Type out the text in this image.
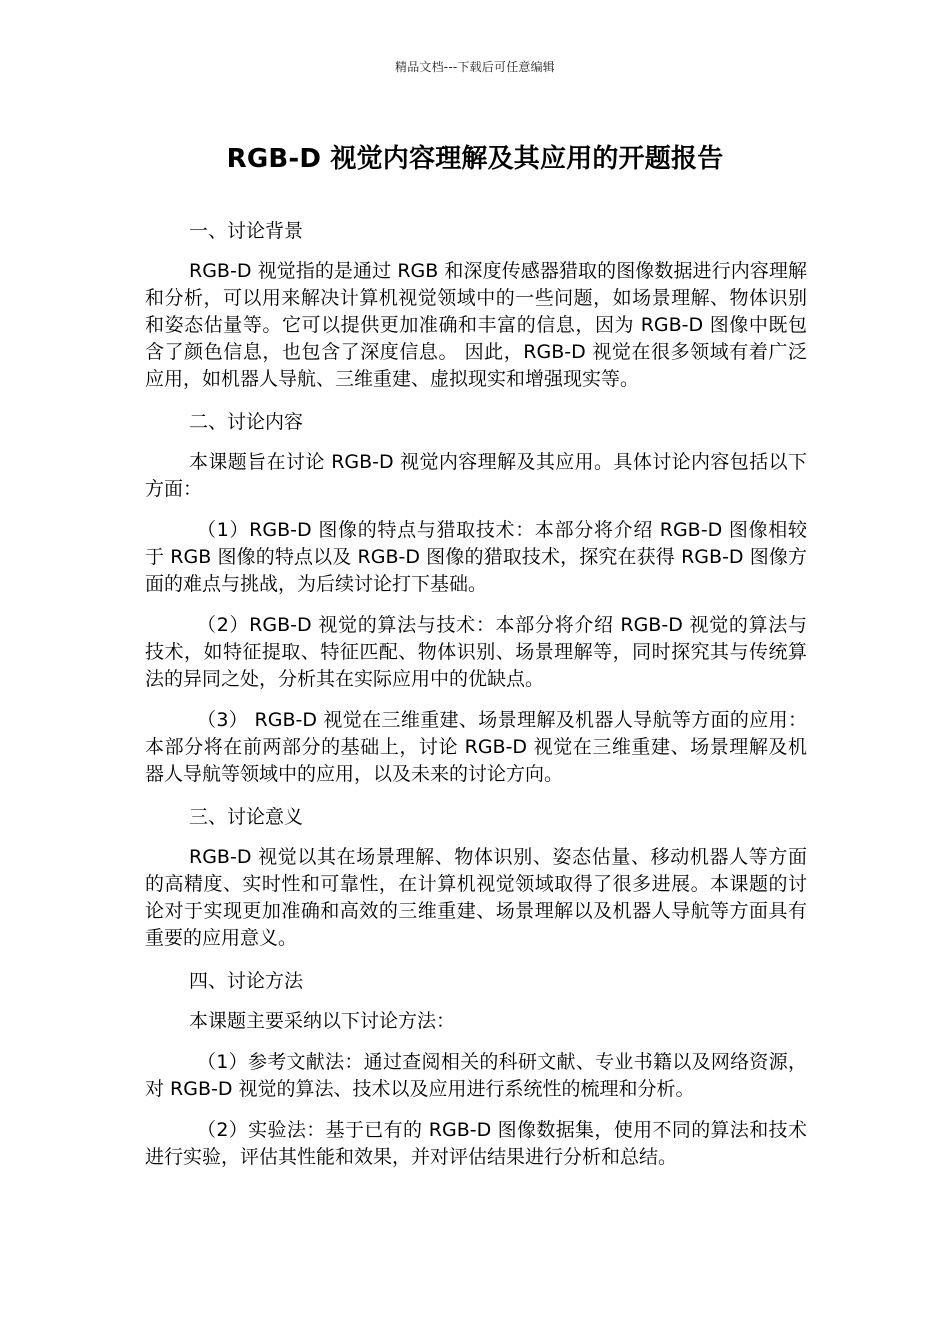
精品文档---下载后可任意编辑
RGB-D 视觉内容理解及其应用的开题报告
一、讨论背景

RGB-D 视觉指的是通过 RGB 和深度传感器猎取的图像数据进行内容理解和分析，可以用来解决计算机视觉领域中的一些问题，如场景理解、物体识别和姿态估量等。它可以提供更加准确和丰富的信息，因为 RGB-D 图像中既包含了颜色信息，也包含了深度信息。 因此，RGB-D 视觉在很多领域有着广泛应用，如机器人导航、三维重建、虚拟现实和增强现实等。

二、讨论内容

本课题旨在讨论 RGB-D 视觉内容理解及其应用。具体讨论内容包括以下方面：

（1）RGB-D 图像的特点与猎取技术：本部分将介绍 RGB-D 图像相较于 RGB 图像的特点以及 RGB-D 图像的猎取技术，探究在获得 RGB-D 图像方面的难点与挑战，为后续讨论打下基础。

（2）RGB-D 视觉的算法与技术：本部分将介绍 RGB-D 视觉的算法与技术，如特征提取、特征匹配、物体识别、场景理解等，同时探究其与传统算法的异同之处，分析其在实际应用中的优缺点。

（3） RGB-D 视觉在三维重建、场景理解及机器人导航等方面的应用：本部分将在前两部分的基础上，讨论 RGB-D 视觉在三维重建、场景理解及机器人导航等领域中的应用，以及未来的讨论方向。

三、讨论意义

RGB-D 视觉以其在场景理解、物体识别、姿态估量、移动机器人等方面的高精度、实时性和可靠性，在计算机视觉领域取得了很多进展。本课题的讨论对于实现更加准确和高效的三维重建、场景理解以及机器人导航等方面具有重要的应用意义。

四、讨论方法

本课题主要采纳以下讨论方法：

（1）参考文献法：通过查阅相关的科研文献、专业书籍以及网络资源，对 RGB-D 视觉的算法、技术以及应用进行系统性的梳理和分析。

（2）实验法：基于已有的 RGB-D 图像数据集，使用不同的算法和技术进行实验，评估其性能和效果，并对评估结果进行分析和总结。
